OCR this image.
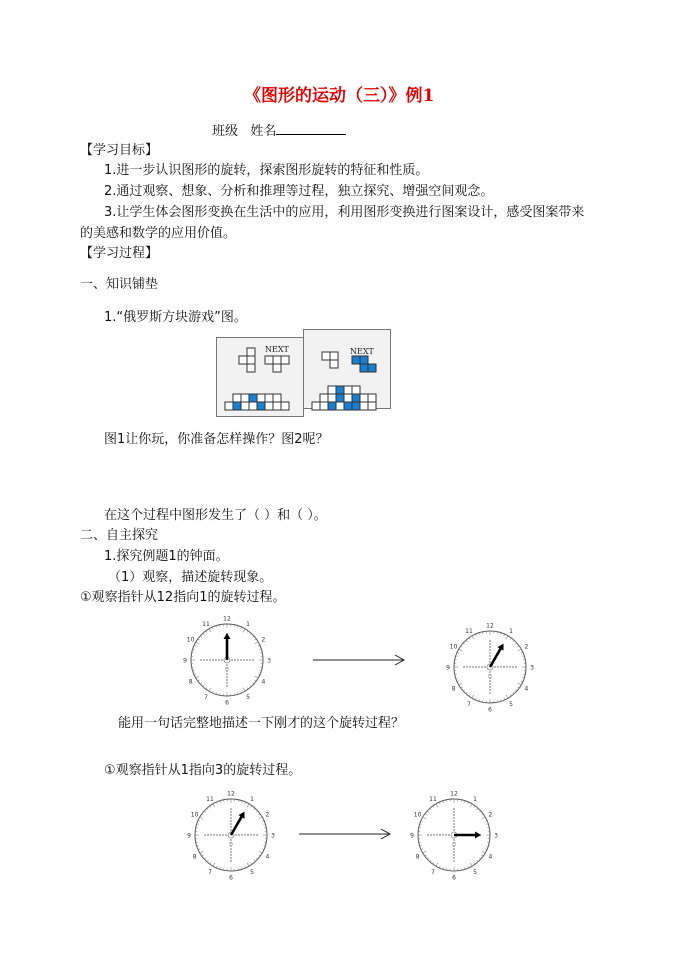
《图形的运动（三）》例1
班级 姓名
【学习目标】
1.进一步认识图形的旋转，探索图形旋转的特征和性质。
2.通过观察、想象、分析和推理等过程，独立探究、增强空间观念。
3.让学生体会图形变换在生活中的应用，利用图形变换进行图案设计，感受图案带来
的美感和数学的应用价值。
【学习过程】
一、知识铺垫
1.“俄罗斯方块游戏”图。
NEXT	NEXT
图1让你玩，你准备怎样操作？图2呢？
在这个过程中图形发生了（ ）和（ ）。
二、自主探究
1.探究例题1的钟面。
（1）观察，描述旋转现象。
①观察指针从12指向1的旋转过程。
12
1
2
3
4
5
6
7
8
9
10
11
O
12
1
2
3
4
5
6
7
8
9
10
11
O
能用一句话完整地描述一下刚才的这个旋转过程？
①观察指针从1指向3的旋转过程。
12
1
2
3
4
5
6
7
8
9
10
11
O
12
1
2
3
4
5
6
7
8
9
10
11
O
